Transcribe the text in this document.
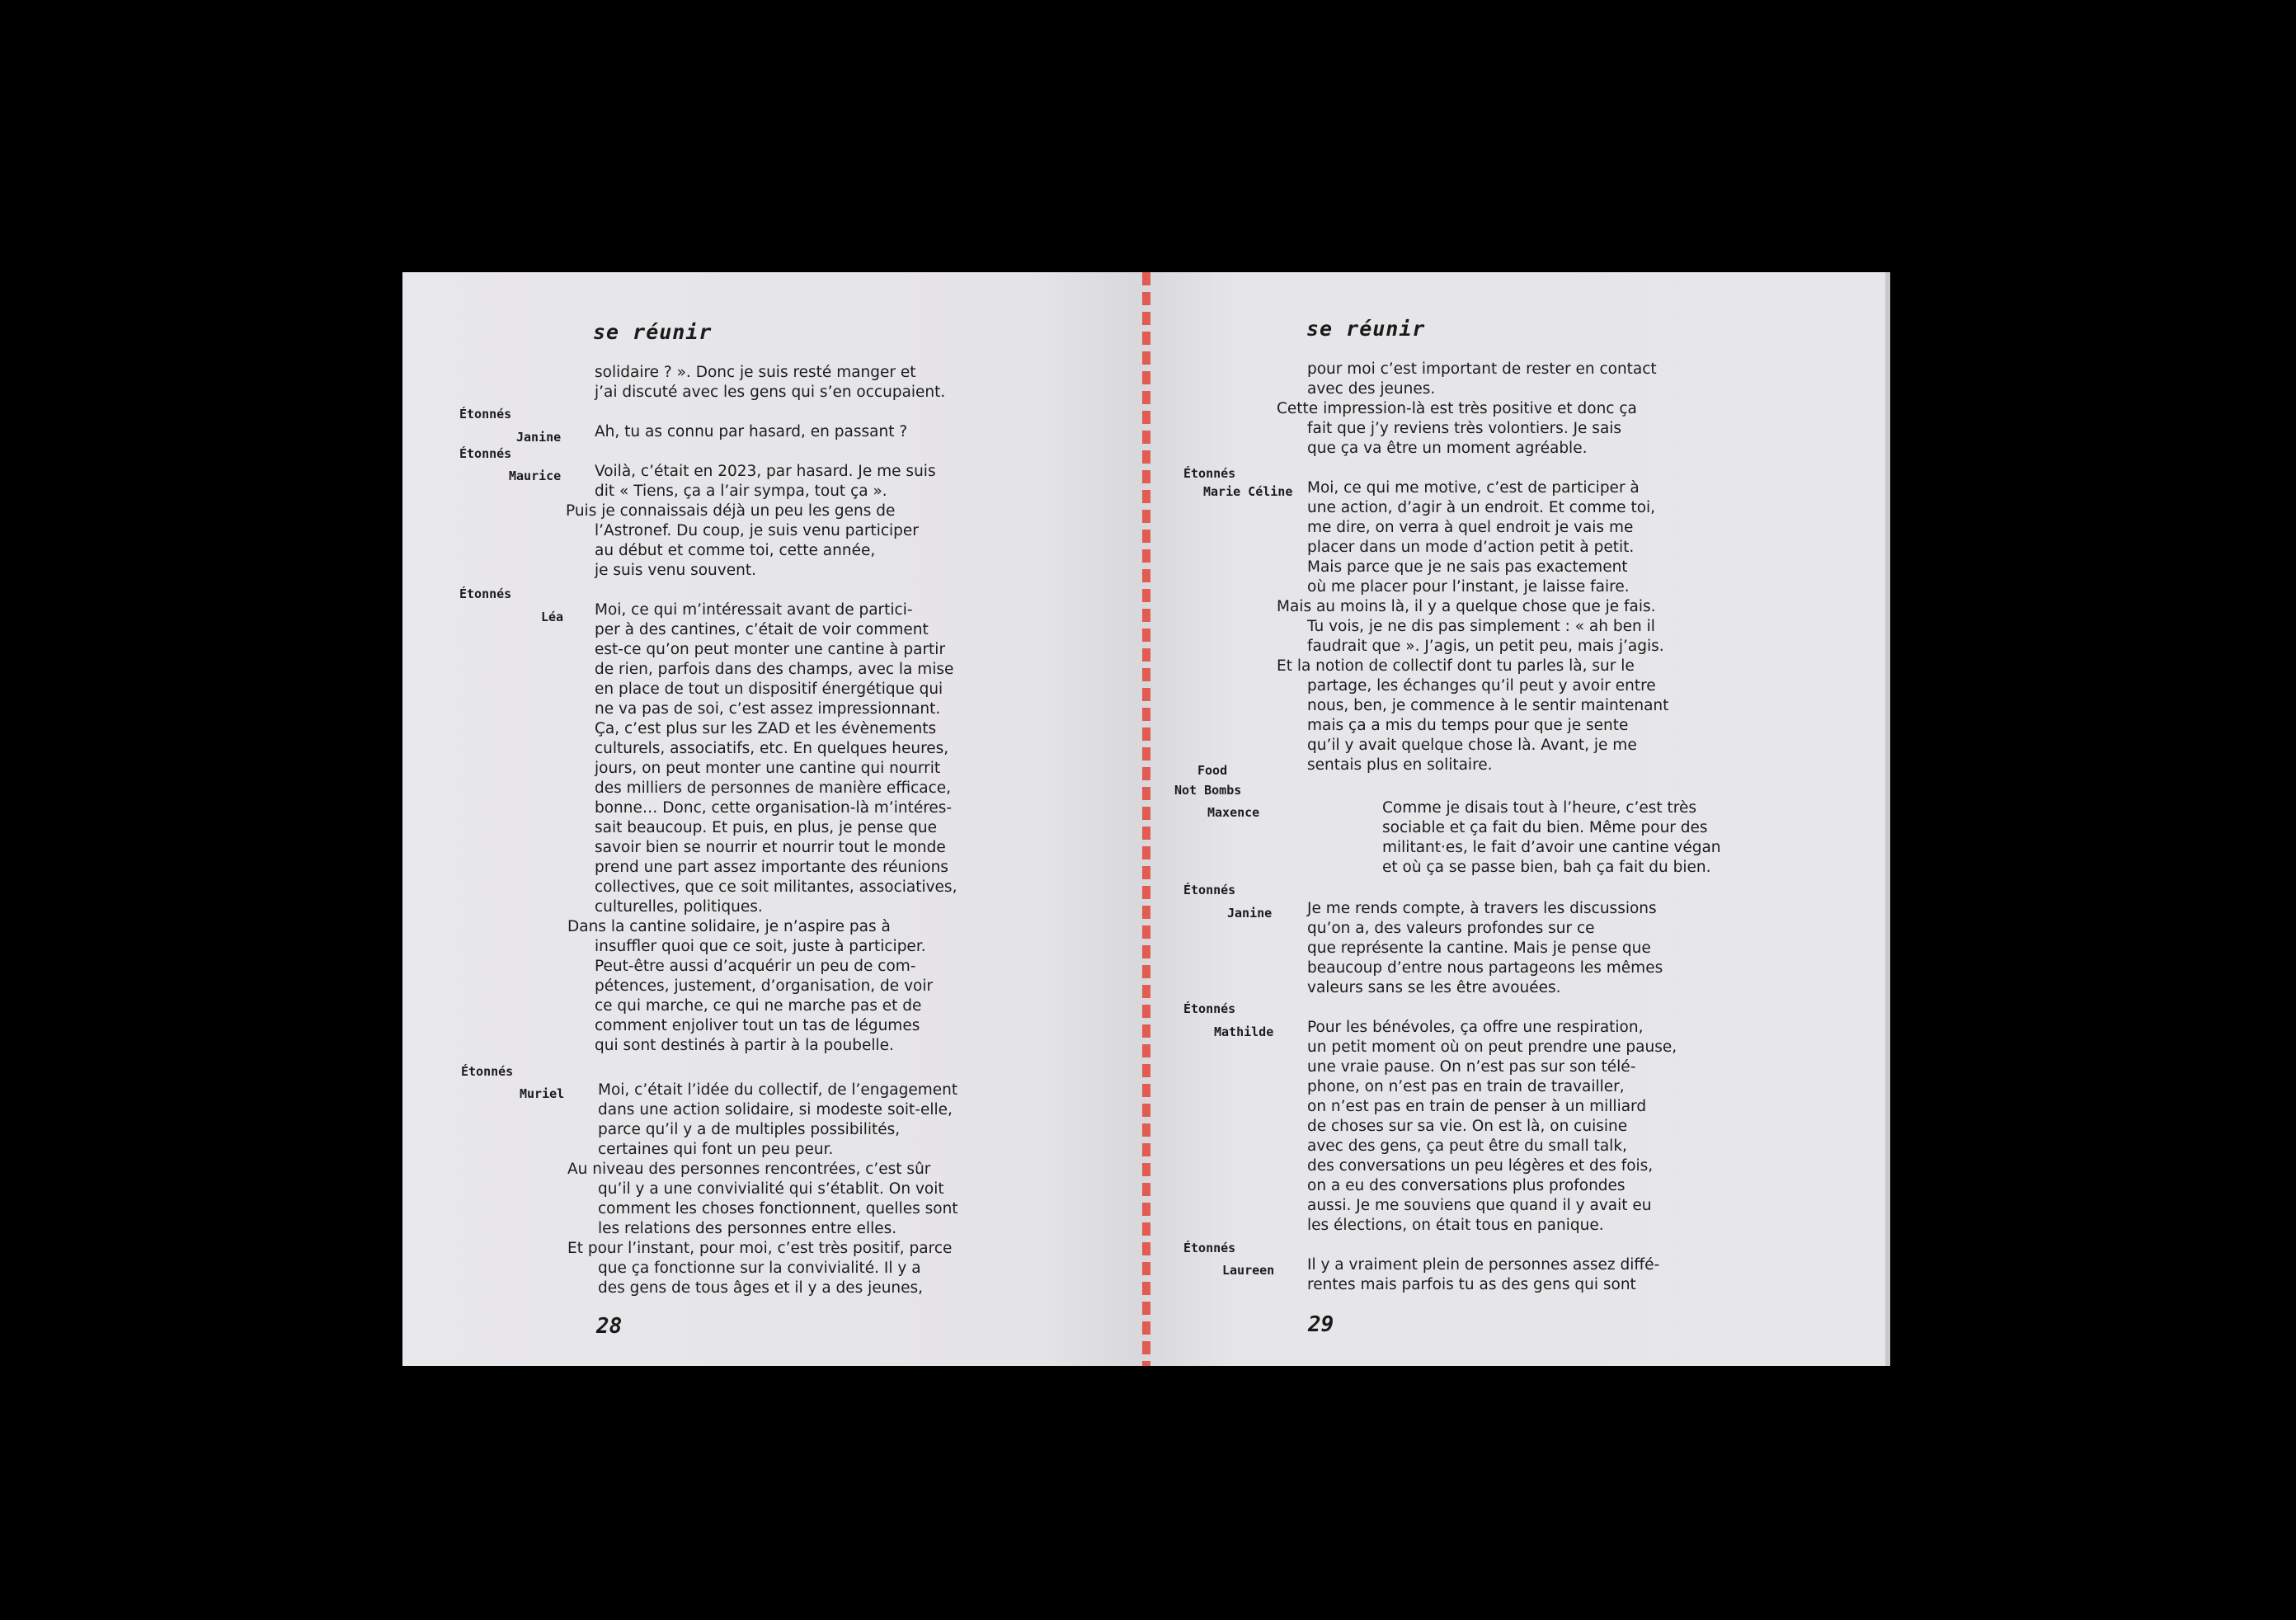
se réunir
Étonnés
Janine
Étonnés
Maurice
Étonnés
Léa
Étonnés
Muriel
solidaire ? ». Donc je suis resté manger et
j’ai discuté avec les gens qui s’en occupaient.
Ah, tu as connu par hasard, en passant ?
Voilà, c’était en 2023, par hasard. Je me suis
dit « Tiens, ça a l’air sympa, tout ça ».
Puis je connaissais déjà un peu les gens de
l’Astronef. Du coup, je suis venu participer
au début et comme toi, cette année,
je suis venu souvent.
Moi, ce qui m’intéressait avant de partici-
per à des cantines, c’était de voir comment
est-ce qu’on peut monter une cantine à partir
de rien, parfois dans des champs, avec la mise
en place de tout un dispositif énergétique qui
ne va pas de soi, c’est assez impressionnant.
Ça, c’est plus sur les ZAD et les évènements
culturels, associatifs, etc. En quelques heures,
jours, on peut monter une cantine qui nourrit
des milliers de personnes de manière efficace,
bonne… Donc, cette organisation-là m’intéres-
sait beaucoup. Et puis, en plus, je pense que
savoir bien se nourrir et nourrir tout le monde
prend une part assez importante des réunions
collectives, que ce soit militantes, associatives,
culturelles, politiques.
Dans la cantine solidaire, je n’aspire pas à
insuffler quoi que ce soit, juste à participer.
Peut-être aussi d’acquérir un peu de com-
pétences, justement, d’organisation, de voir
ce qui marche, ce qui ne marche pas et de
comment enjoliver tout un tas de légumes
qui sont destinés à partir à la poubelle.
Moi, c’était l’idée du collectif, de l’engagement
dans une action solidaire, si modeste soit-elle,
parce qu’il y a de multiples possibilités,
certaines qui font un peu peur.
Au niveau des personnes rencontrées, c’est sûr
qu’il y a une convivialité qui s’établit. On voit
comment les choses fonctionnent, quelles sont
les relations des personnes entre elles.
Et pour l’instant, pour moi, c’est très positif, parce
que ça fonctionne sur la convivialité. Il y a
des gens de tous âges et il y a des jeunes,
28
se réunir
Étonnés
Marie Céline
Food
Not Bombs
Maxence
Étonnés
Janine
Étonnés
Mathilde
Étonnés
Laureen
pour moi c’est important de rester en contact
avec des jeunes.
Cette impression-là est très positive et donc ça
fait que j’y reviens très volontiers. Je sais
que ça va être un moment agréable.
Moi, ce qui me motive, c’est de participer à
une action, d’agir à un endroit. Et comme toi,
me dire, on verra à quel endroit je vais me
placer dans un mode d’action petit à petit.
Mais parce que je ne sais pas exactement
où me placer pour l’instant, je laisse faire.
Mais au moins là, il y a quelque chose que je fais.
Tu vois, je ne dis pas simplement : « ah ben il
faudrait que ». J’agis, un petit peu, mais j’agis.
Et la notion de collectif dont tu parles là, sur le
partage, les échanges qu’il peut y avoir entre
nous, ben, je commence à le sentir maintenant
mais ça a mis du temps pour que je sente
qu’il y avait quelque chose là. Avant, je me
sentais plus en solitaire.
Comme je disais tout à l’heure, c’est très
sociable et ça fait du bien. Même pour des
militant·es, le fait d’avoir une cantine végan
et où ça se passe bien, bah ça fait du bien.
Je me rends compte, à travers les discussions
qu’on a, des valeurs profondes sur ce
que représente la cantine. Mais je pense que
beaucoup d’entre nous partageons les mêmes
valeurs sans se les être avouées.
Pour les bénévoles, ça offre une respiration,
un petit moment où on peut prendre une pause,
une vraie pause. On n’est pas sur son télé-
phone, on n’est pas en train de travailler,
on n’est pas en train de penser à un milliard
de choses sur sa vie. On est là, on cuisine
avec des gens, ça peut être du small talk,
des conversations un peu légères et des fois,
on a eu des conversations plus profondes
aussi. Je me souviens que quand il y avait eu
les élections, on était tous en panique.
Il y a vraiment plein de personnes assez diffé-
rentes mais parfois tu as des gens qui sont
29
